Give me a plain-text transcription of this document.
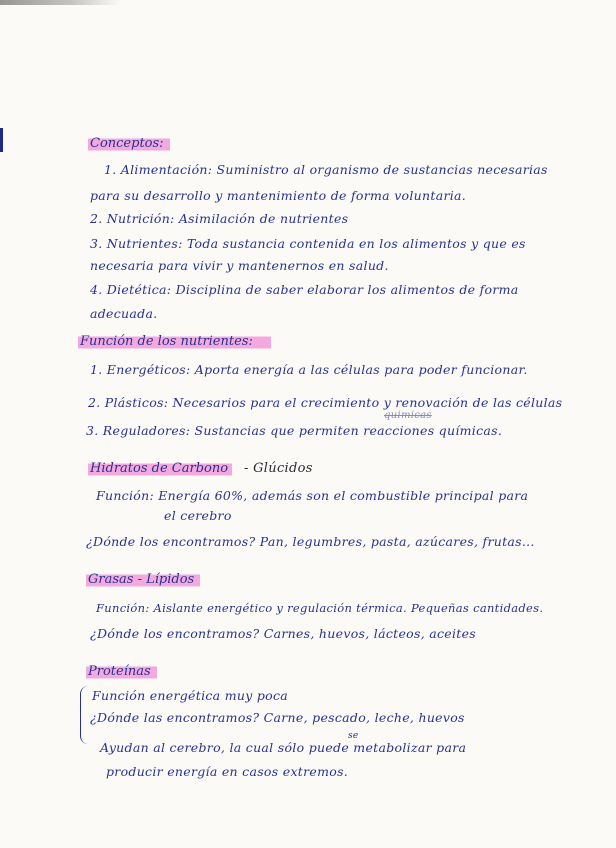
Conceptos:
1. Alimentación: Suministro al organismo de sustancias necesarias
para su desarrollo y mantenimiento de forma voluntaria.
2. Nutrición: Asimilación de nutrientes
3. Nutrientes: Toda sustancia contenida en los alimentos y que es
necesaria para vivir y mantenernos en salud.
4. Dietética: Disciplina de saber elaborar los alimentos de forma
adecuada.
Función de los nutrientes:
1. Energéticos: Aporta energía a las células para poder funcionar.
2. Plásticos: Necesarios para el crecimiento y renovación de las células
3. Reguladores: Sustancias que permiten reacciones químicas.
quimicas
Hidratos de Carbono	- Glúcidos
Función: Energía 60%, además son el combustible principal para
el cerebro
¿Dónde los encontramos? Pan, legumbres, pasta, azúcares, frutas...
Grasas - Lípidos
Función: Aislante energético y regulación térmica. Pequeñas cantidades.
¿Dónde los encontramos? Carnes, huevos, lácteos, aceites
Proteínas
Función energética muy poca
¿Dónde las encontramos? Carne, pescado, leche, huevos
se
Ayudan al cerebro, la cual sólo puede metabolizar para
producir energía en casos extremos.
